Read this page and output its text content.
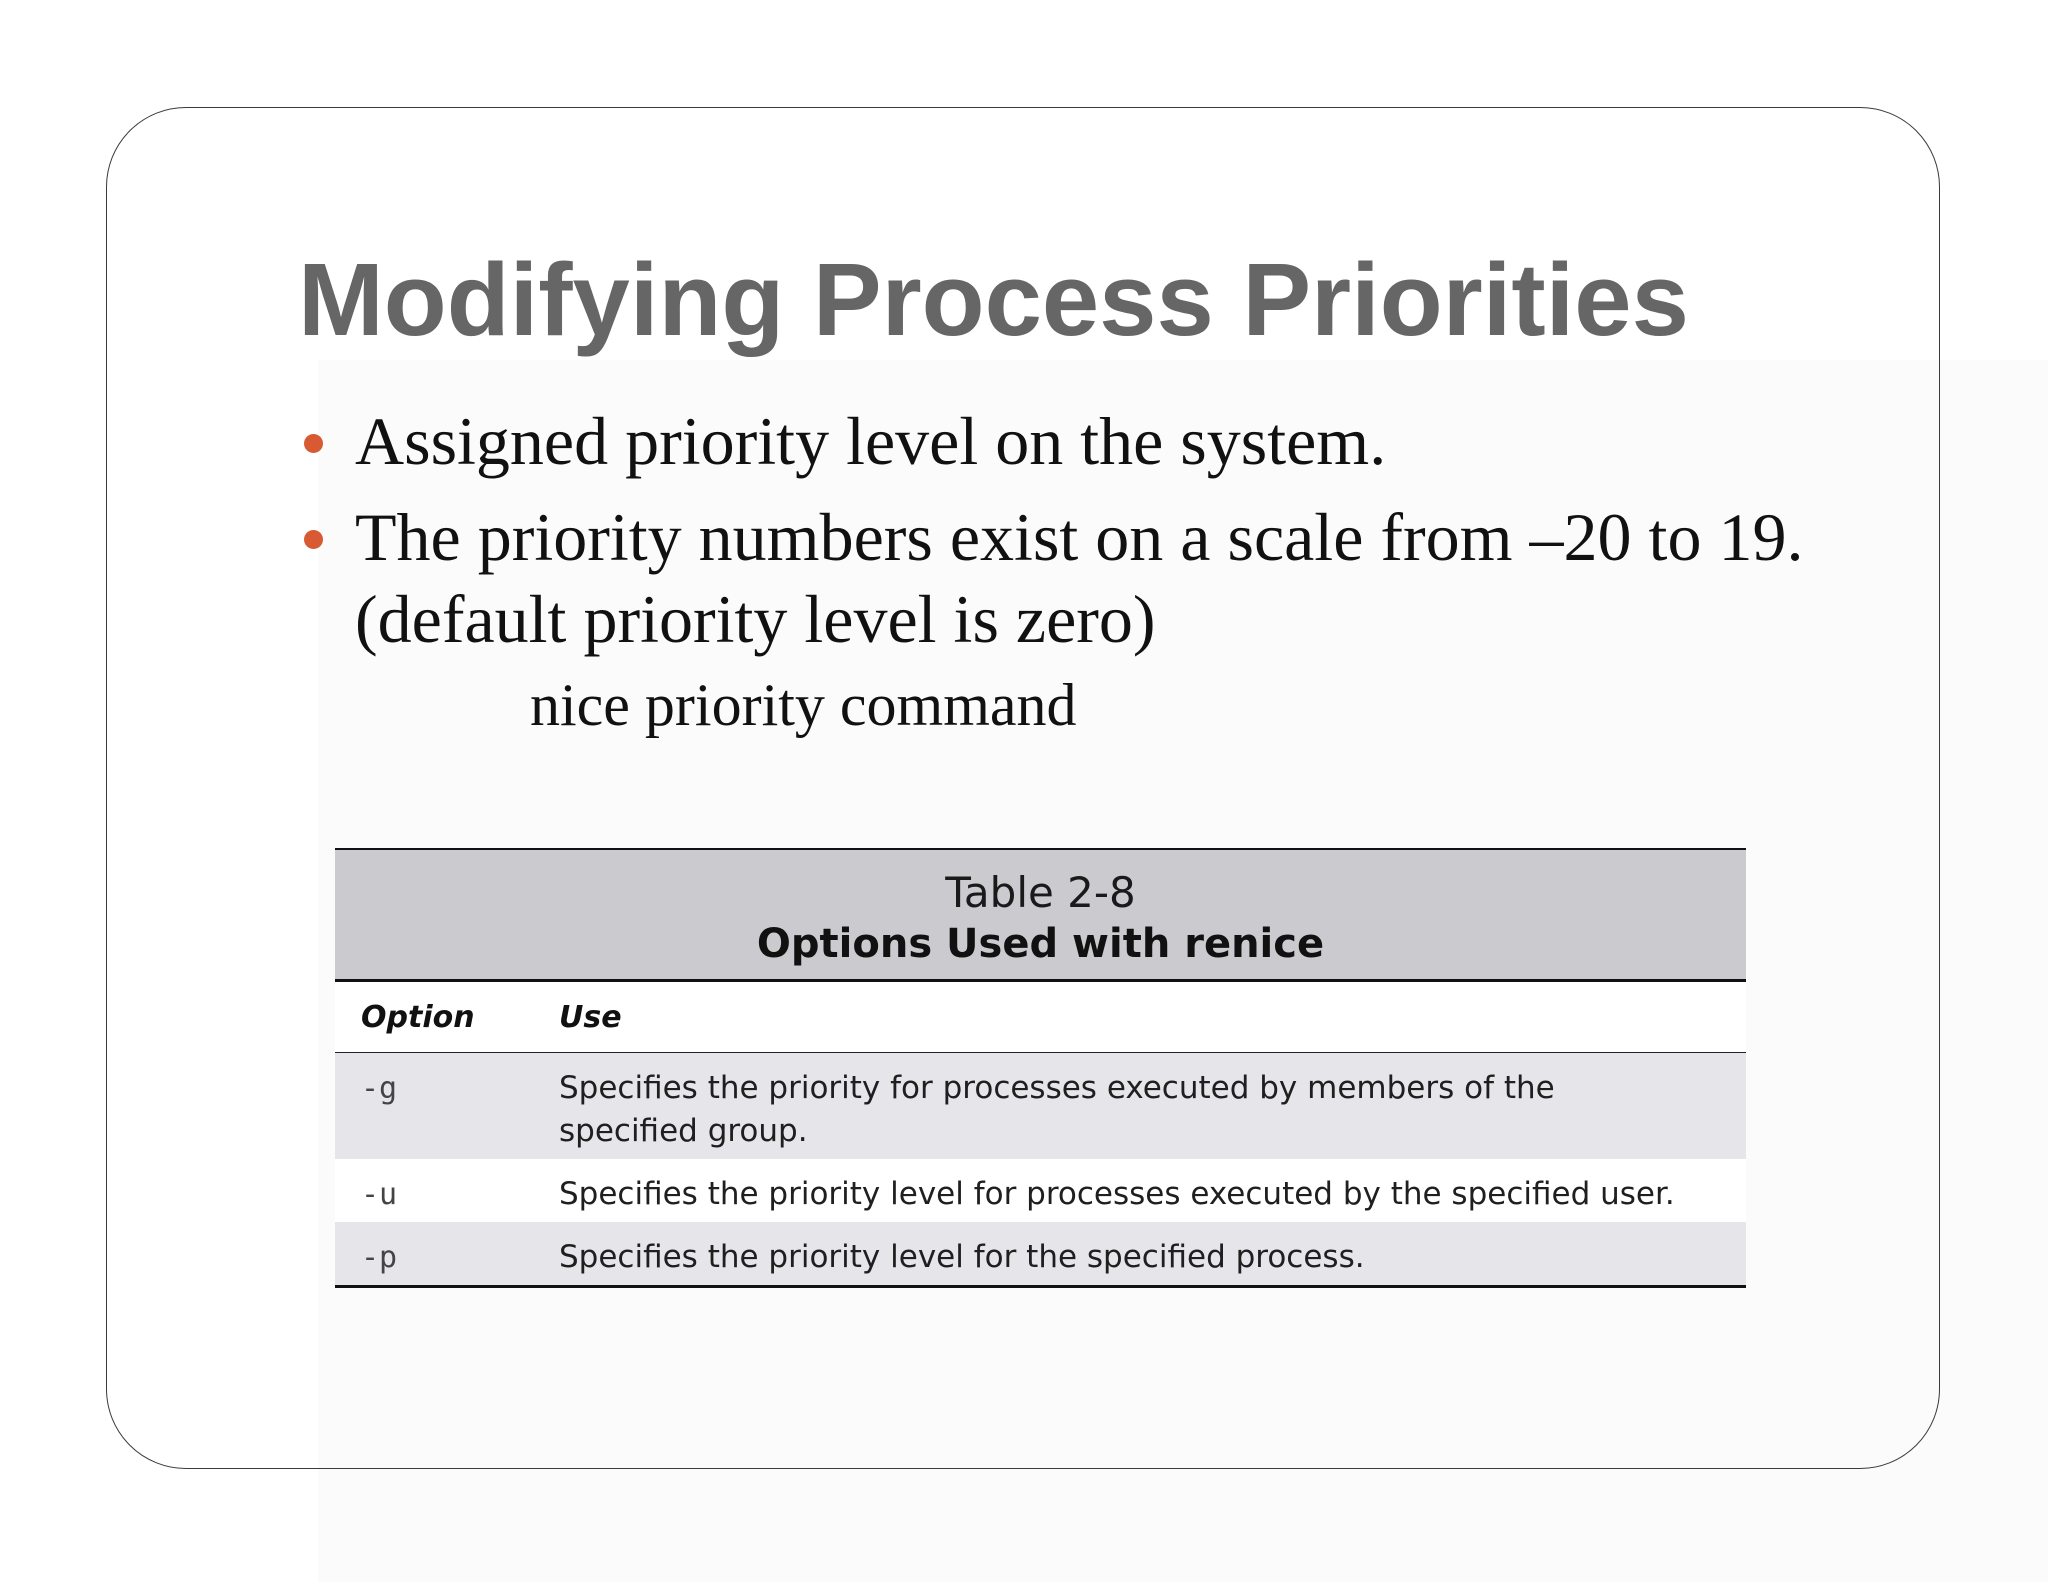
Modifying Process Priorities
Assigned priority level on the system.
The priority numbers exist on a scale from –20 to 19.
(default priority level is zero)
nice priority command
Table 2-8
Options Used with renice
Option	Use
-g	Specifies the priority for processes executed by members of the specified group.

-u	Specifies the priority level for processes executed by the specified user.
-p	Specifies the priority level for the specified process.
